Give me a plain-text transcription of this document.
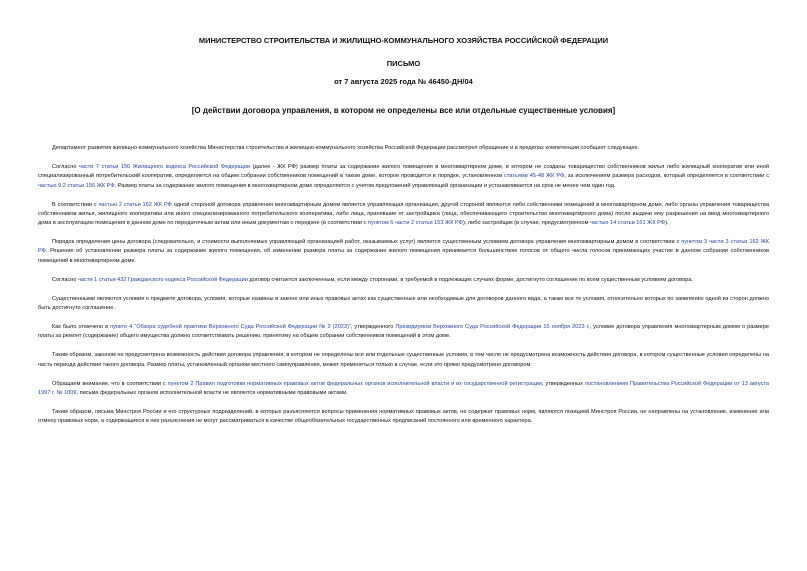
МИНИСТЕРСТВО СТРОИТЕЛЬСТВА И ЖИЛИЩНО-КОММУНАЛЬНОГО ХОЗЯЙСТВА РОССИЙСКОЙ ФЕДЕРАЦИИ
ПИСЬМО
от 7 августа 2025 года № 46450-ДН/04
[О действии договора управления, в котором не определены все или отдельные существенные условия]

Департамент развития жилищно-коммунального хозяйства Министерства строительства и жилищно-коммунального хозяйства Российской Федерации рассмотрел обращение и в пределах компетенции сообщает следующее.

Согласно части 7 статьи 156 Жилищного кодекса Российской Федерации (далее - ЖК РФ) размер платы за содержание жилого помещения в многоквартирном доме, в котором не созданы товарищество собственников жилья либо жилищный кооператив или иной специализированный потребительский кооператив, определяется на общем собрании собственников помещений в таком доме, которое проводится в порядке, установленном статьями 45-48 ЖК РФ, за исключением размера расходов, который определяется в соответствии с частью 9.2 статьи 156 ЖК РФ. Размер платы за содержание жилого помещения в многоквартирном доме определяется с учетом предложений управляющей организации и устанавливается на срок не менее чем один год.

В соответствии с частью 2 статьи 162 ЖК РФ одной стороной договора управления многоквартирным домом является управляющая организация, другой стороной являются либо собственники помещений в многоквартирном доме, либо органы управления товарищества собственников жилья, жилищного кооператива или иного специализированного потребительского кооператива, либо лица, принявшие от застройщика (лица, обеспечивающего строительство многоквартирного дома) после выдачи ему разрешения на ввод многоквартирного дома в эксплуатацию помещения в данном доме по передаточным актам или иным документам о передаче (в соответствии с пунктом 6 части 2 статьи 153 ЖК РФ), либо застройщик (в случае, предусмотренном частью 14 статьи 161 ЖК РФ).

Порядок определения цены договора (следовательно, и стоимости выполняемых управляющей организацией работ, оказываемых услуг) является существенным условием договора управления многоквартирным домом в соответствии с пунктом 3 части 3 статьи 162 ЖК РФ. Решение об установлении размера платы за содержание жилого помещения, об изменении размера платы за содержание жилого помещения принимается большинством голосов от общего числа голосов принимающих участие в данном собрании собственников помещений в многоквартирном доме.

Согласно части 1 статьи 432 Гражданского кодекса Российской Федерации договор считается заключенным, если между сторонами, в требуемой в подлежащих случаях форме, достигнуто соглашение по всем существенным условиям договора.

Существенными являются условия о предмете договора, условия, которые названы в законе или иных правовых актах как существенные или необходимые для договоров данного вида, а также все те условия, относительно которых по заявлению одной из сторон должно быть достигнуто соглашение.

Как было отмечено в пункте 4 "Обзора судебной практики Верховного Суда Российской Федерации № 3 (2023)", утвержденного Президиумом Верховного Суда Российской Федерации 15 ноября 2023 г., условие договора управления многоквартирным домом о размере платы за ремонт (содержание) общего имущества должно соответствовать решению, принятому на общем собрании собственников помещений в этом доме.

Таким образом, законом не предусмотрена возможность действия договора управления, в котором не определены все или отдельные существенные условия, в том числе не предусмотрена возможность действия договора, в котором существенные условия определены на часть периода действия такого договора. Размер платы, установленный органом местного самоуправления, может применяться только в случае, если это прямо предусмотрено договором.

Обращаем внимание, что в соответствии с пунктом 2 Правил подготовки нормативных правовых актов федеральных органов исполнительной власти и их государственной регистрации, утвержденных постановлением Правительства Российской Федерации от 13 августа 1997 г. № 1009, письма федеральных органов исполнительной власти не являются нормативными правовыми актами.

Таким образом, письма Минстроя России и его структурных подразделений, в которых разъясняются вопросы применения нормативных правовых актов, не содержат правовых норм, являются позицией Минстроя России, не направлены на установление, изменение или отмену правовых норм, а содержащиеся в них разъяснения не могут рассматриваться в качестве общеобязательных государственных предписаний постоянного или временного характера.
